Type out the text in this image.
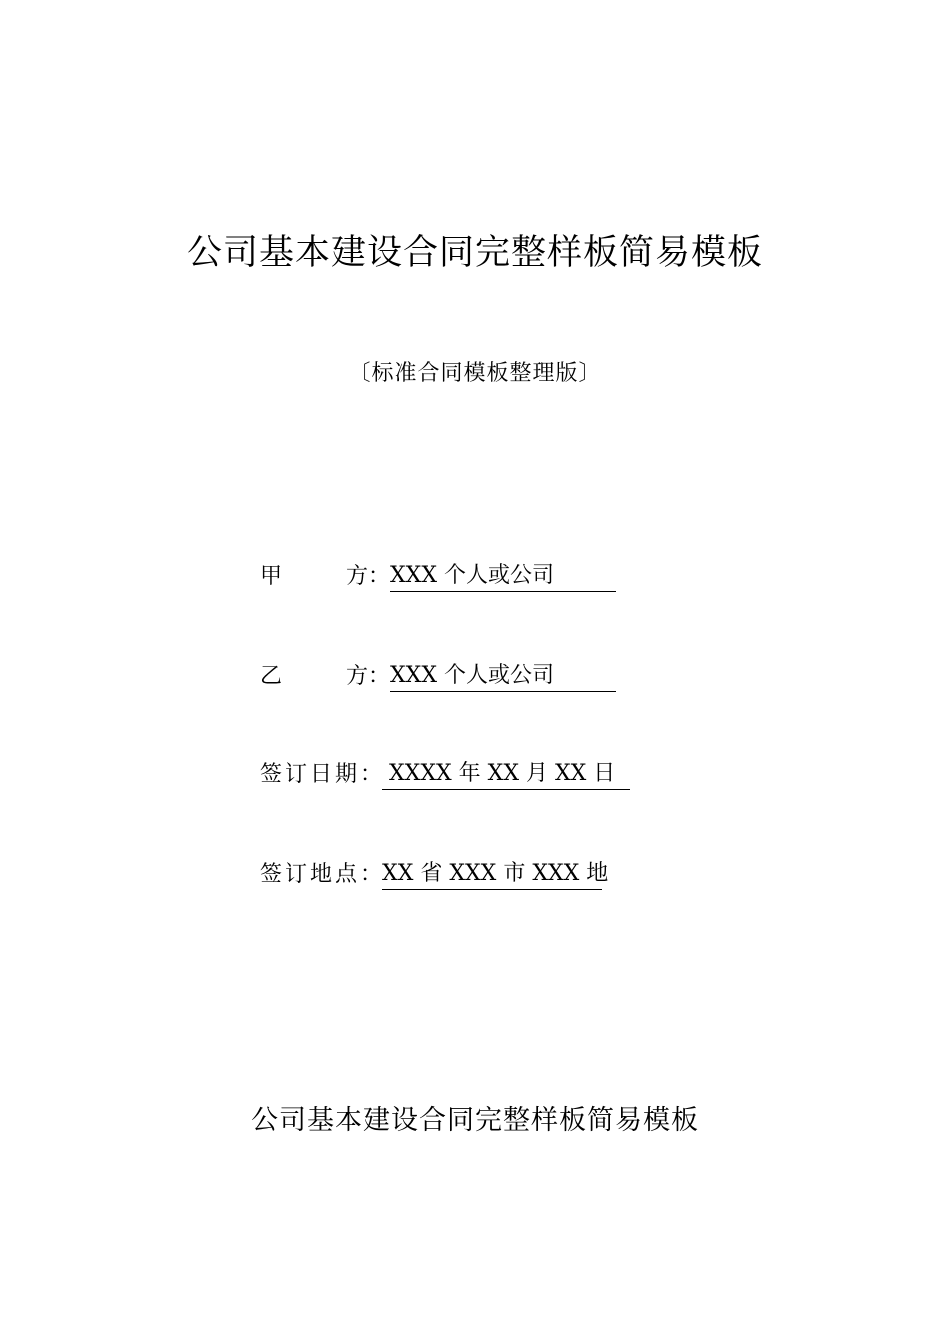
公司基本建设合同完整样板简易模板
〔标准合同模板整理版〕
甲	方 ： XXX 个人或公司
乙	方 ： XXX 个人或公司
签订日期 ： XXXX 年 XX 月 XX 日
签订地点 ： XX 省 XXX 市 XXX 地
公司基本建设合同完整样板简易模板
